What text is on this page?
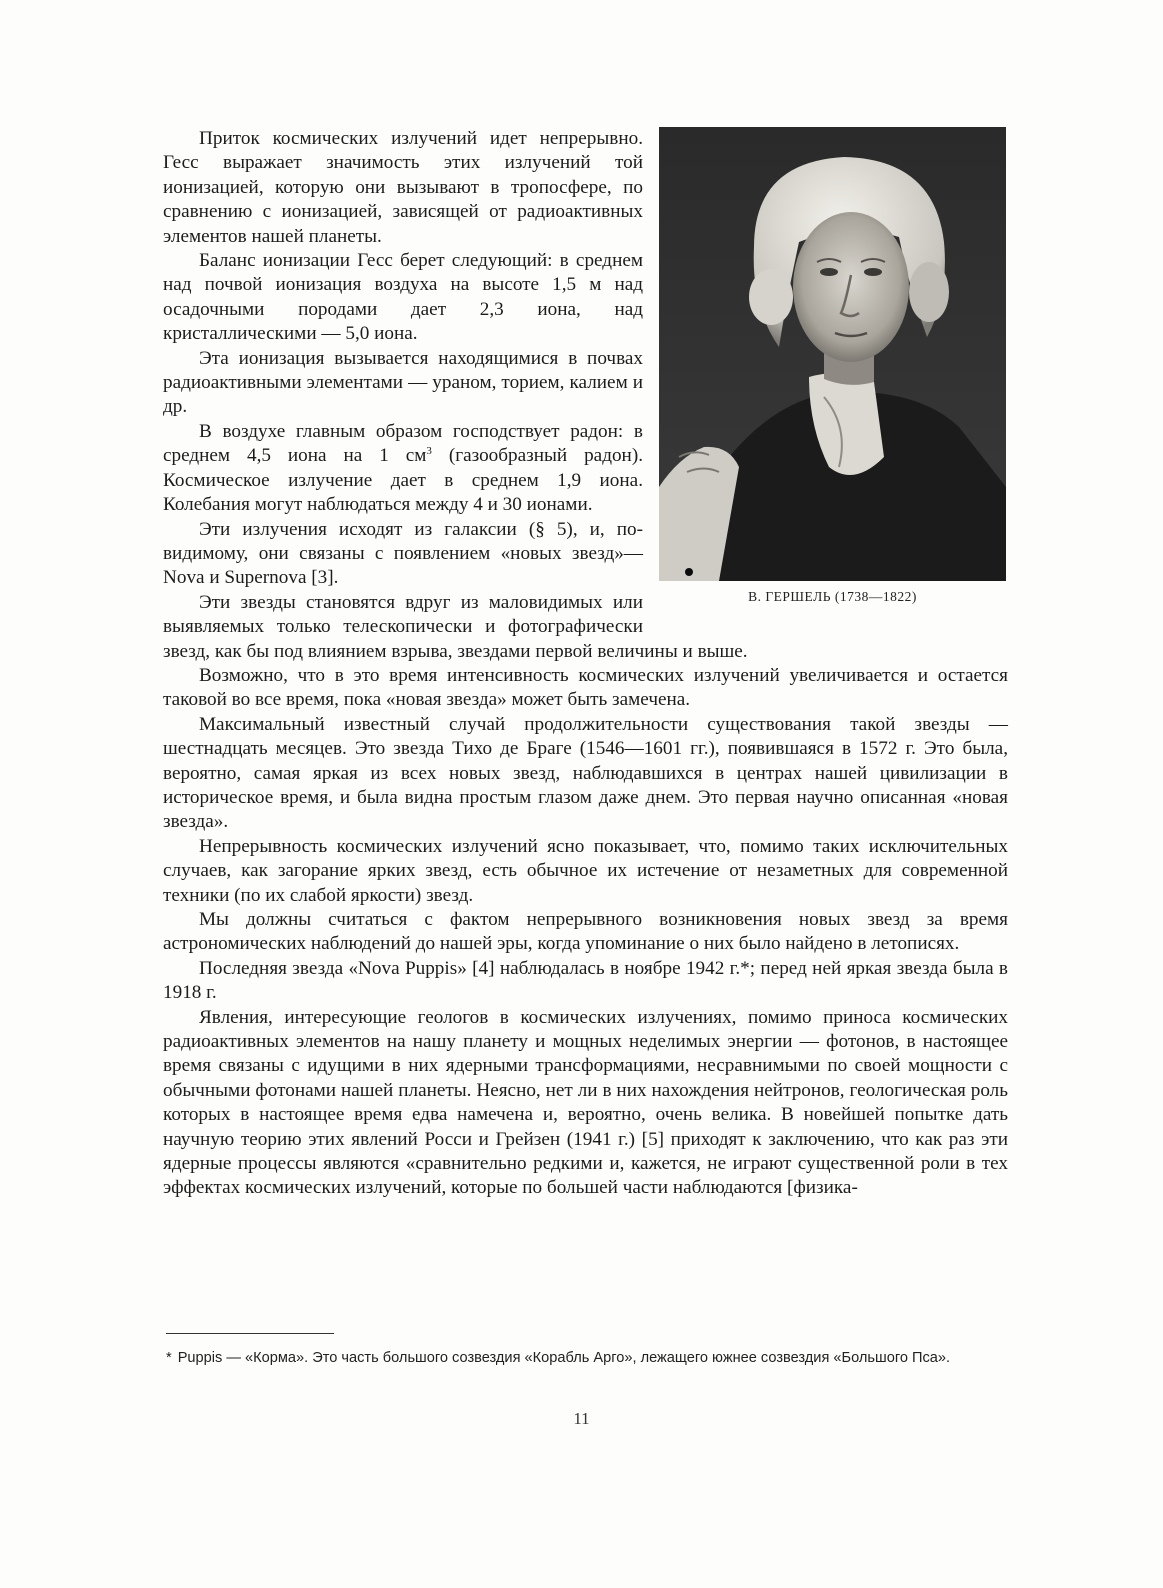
В. ГЕРШЕЛЬ (1738—1822)

Приток космических излучений идет непрерывно. Гесс выражает значимость этих излучений той ионизацией, которую они вызывают в тропосфере, по сравнению с ионизацией, зависящей от радиоактивных элементов нашей планеты.

Баланс ионизации Гесс берет следующий: в среднем над почвой ионизация воздуха на высоте 1,5 м над осадочными породами дает 2,3 иона, над кристаллическими — 5,0 иона.

Эта ионизация вызывается находящимися в почвах радиоактивными элементами — ураном, торием, калием и др.

В воздухе главным образом господствует радон: в среднем 4,5 иона на 1 $см^3$ (газообразный радон). Космическое излучение дает в среднем 1,9 иона. Колебания могут наблюдаться между 4 и 30 ионами.

Эти излучения исходят из галаксии (§ 5), и, по-видимому, они связаны с появлением «новых звезд»— Nova и Supernova [3].

Эти звезды становятся вдруг из маловидимых или выявляемых только телескопически и фотографически звезд, как бы под влиянием взрыва, звездами первой величины и выше.

Возможно, что в это время интенсивность космических излучений увеличивается и остается таковой во все время, пока «новая звезда» может быть замечена.

Максимальный известный случай продолжительности существования такой звезды — шестнадцать месяцев. Это звезда Тихо де Браге (1546—1601 гг.), появившаяся в 1572 г. Это была, вероятно, самая яркая из всех новых звезд, наблюдавшихся в центрах нашей цивилизации в историческое время, и была видна простым глазом даже днем. Это первая научно описанная «новая звезда».

Непрерывность космических излучений ясно показывает, что, помимо таких исключительных случаев, как загорание ярких звезд, есть обычное их истечение от незаметных для современной техники (по их слабой яркости) звезд.

Мы должны считаться с фактом непрерывного возникновения новых звезд за время астрономических наблюдений до нашей эры, когда упоминание о них было найдено в летописях.

Последняя звезда «Nova Puppis» [4] наблюдалась в ноябре 1942 г.*; перед ней яркая звезда была в 1918 г.

Явления, интересующие геологов в космических излучениях, помимо приноса космических радиоактивных элементов на нашу планету и мощных неделимых энергии — фотонов, в настоящее время связаны с идущими в них ядерными трансформациями, несравнимыми по своей мощности с обычными фотонами нашей планеты. Неясно, нет ли в них нахождения нейтронов, геологическая роль которых в настоящее время едва намечена и, вероятно, очень велика. В новейшей попытке дать научную теорию этих явлений Росси и Грейзен (1941 г.) [5] приходят к заключению, что как раз эти ядерные процессы являются «сравнительно редкими и, кажется, не играют существенной роли в тех эффектах космических излучений, которые по большей части наблюдаются [физика-

* Puppis — «Корма». Это часть большого созвездия «Корабль Арго», лежащего южнее созвездия «Большого Пса».
11
